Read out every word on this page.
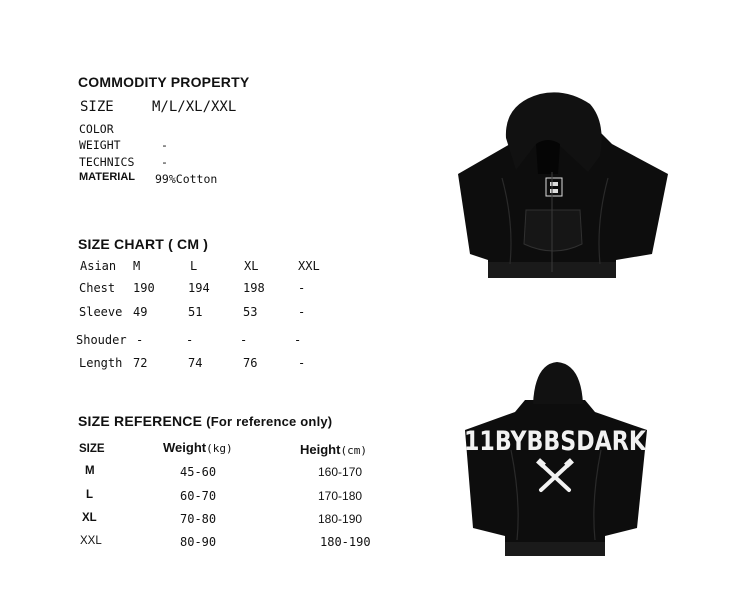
COMMODITY PROPERTY
SIZE	M/L/XL/XXL
COLOR
WEIGHT	-
TECHNICS -
MATERIAL 99%Cotton
SIZE CHART ( CM )
Asian M	L	XL	XXL
Chest 190	194	198	-
Sleeve 49	51	53	-
Shouder -	-	-	-
Length 72	74	76	-
SIZE REFERENCE (For reference only)
SIZE	Weight(kg)	Height(cm)
M	45-60	160-170
L	60-70	170-180
XL	70-80	180-190
XXL	80-90	180-190
11BYBBSDARK
